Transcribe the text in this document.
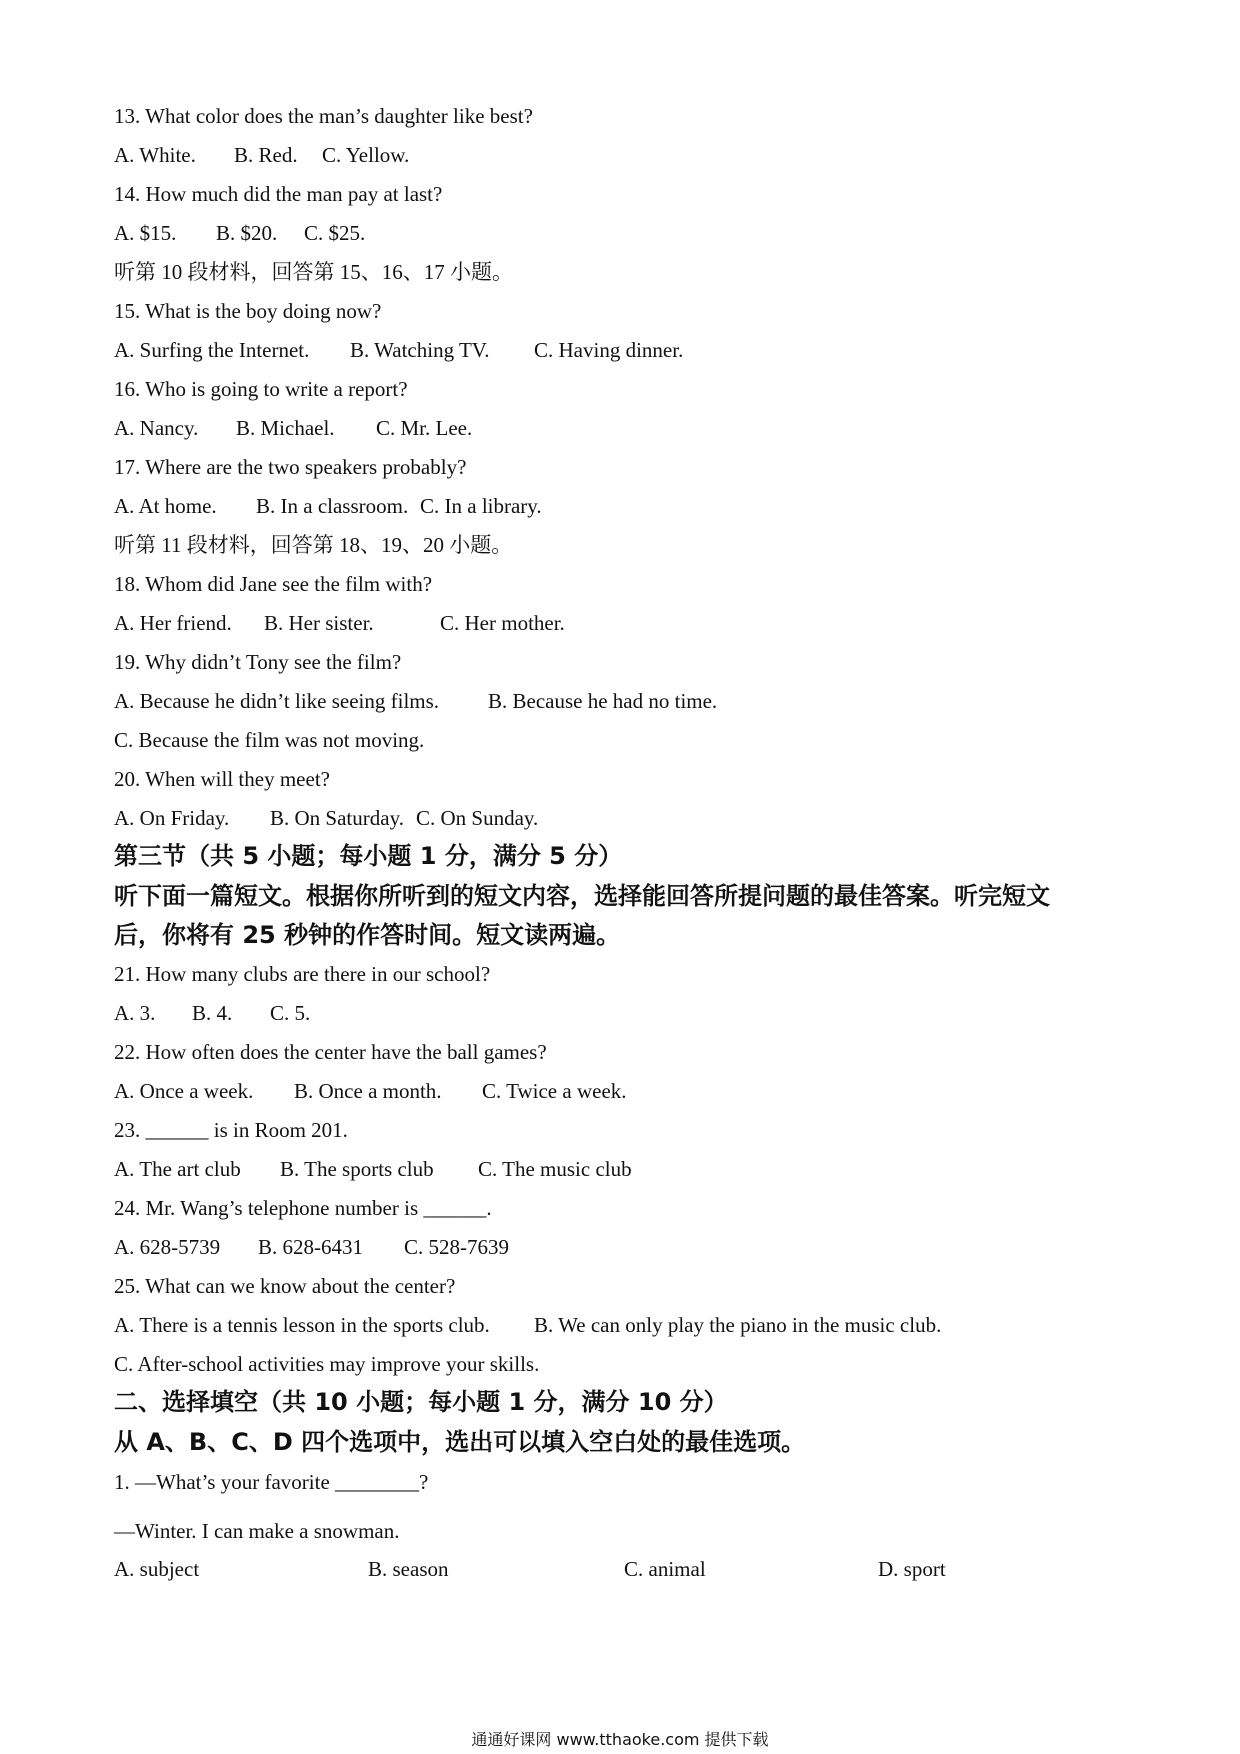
13. What color does the man’s daughter like best?
A. White. B. Red. C. Yellow.
14. How much did the man pay at last?
A. $15. B. $20. C. $25.
听第 10 段材料，回答第 15、16、17 小题。
15. What is the boy doing now?
A. Surfing the Internet. B. Watching TV. C. Having dinner.
16. Who is going to write a report?
A. Nancy. B. Michael. C. Mr. Lee.
17. Where are the two speakers probably?
A. At home. B. In a classroom. C. In a library.
听第 11 段材料，回答第 18、19、20 小题。
18. Whom did Jane see the film with?
A. Her friend. B. Her sister.	C. Her mother.
19. Why didn’t Tony see the film?
A. Because he didn’t like seeing films. B. Because he had no time.
C. Because the film was not moving.
20. When will they meet?
A. On Friday. B. On Saturday. C. On Sunday.
第三节（共 5 小题；每小题 1 分，满分 5 分）
听下面一篇短文。根据你所听到的短文内容，选择能回答所提问题的最佳答案。听完短文
后，你将有 25 秒钟的作答时间。短文读两遍。
21. How many clubs are there in our school?
A. 3. B. 4. C. 5.
22. How often does the center have the ball games?
A. Once a week. B. Once a month. C. Twice a week.
23. ______ is in Room 201.
A. The art club B. The sports club C. The music club
24. Mr. Wang’s telephone number is ______.
A. 628-5739 B. 628-6431 C. 528-7639
25. What can we know about the center?
A. There is a tennis lesson in the sports club. B. We can only play the piano in the music club.
C. After-school activities may improve your skills.
二、选择填空（共 10 小题；每小题 1 分，满分 10 分）
从 A、B、C、D 四个选项中，选出可以填入空白处的最佳选项。
1. —What’s your favorite ________?
—Winter. I can make a snowman.
A. subject	B. season	C. animal	D. sport
通通好课网 www.tthaoke.com 提供下载
